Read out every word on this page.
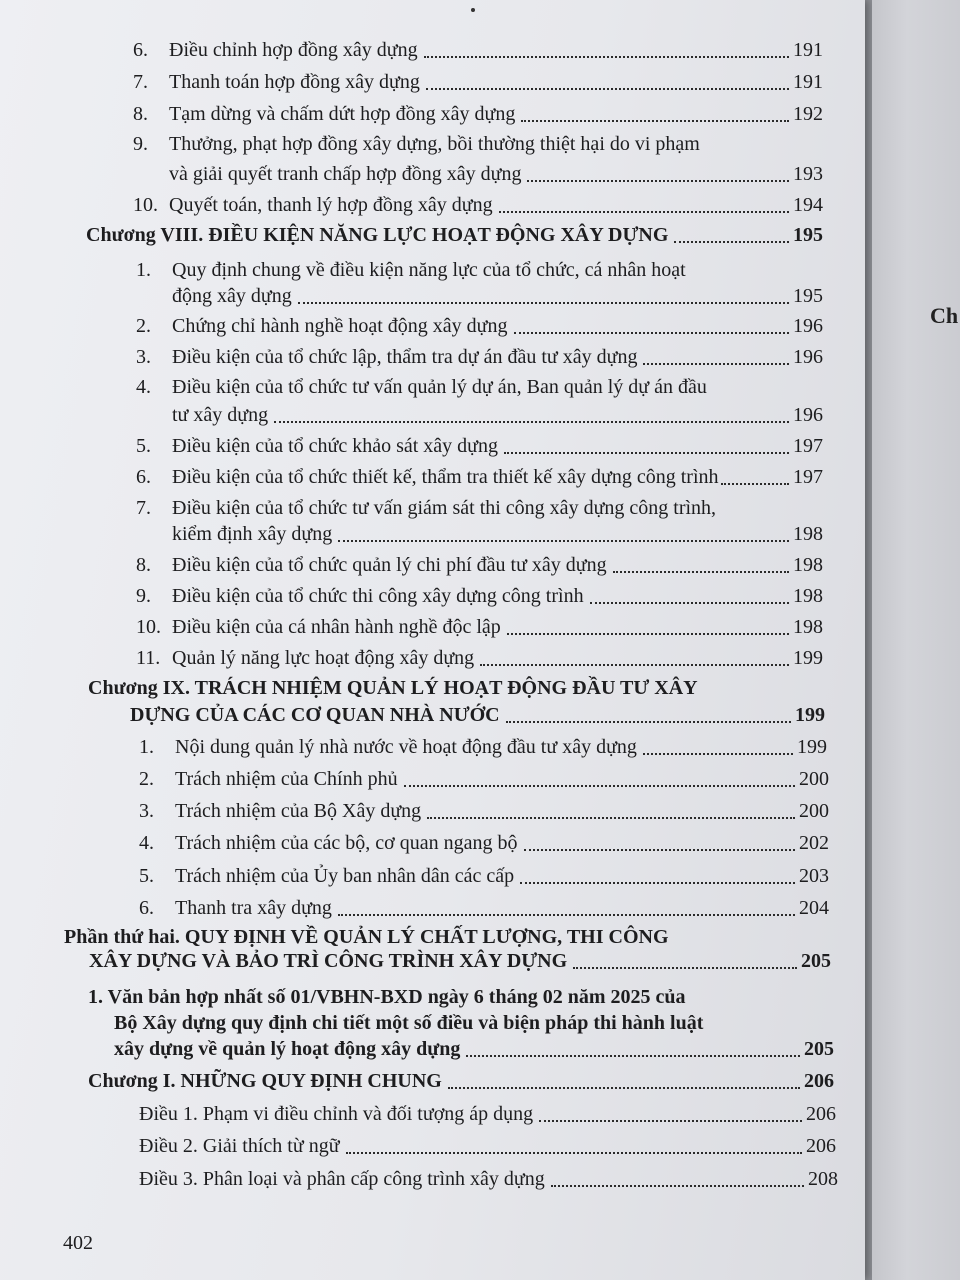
6.	Điều chỉnh hợp đồng xây dựng	191
7.	Thanh toán hợp đồng xây dựng	191
8.	Tạm dừng và chấm dứt hợp đồng xây dựng	192
9. Thưởng, phạt hợp đồng xây dựng, bồi thường thiệt hại do vi phạm
và giải quyết tranh chấp hợp đồng xây dựng	193
10. Quyết toán, thanh lý hợp đồng xây dựng	194
Chương VIII. ĐIỀU KIỆN NĂNG LỰC HOẠT ĐỘNG XÂY DỰNG	195
1. Quy định chung về điều kiện năng lực của tổ chức, cá nhân hoạt
động xây dựng	195
2.	Chứng chỉ hành nghề hoạt động xây dựng	196
3.	Điều kiện của tổ chức lập, thẩm tra dự án đầu tư xây dựng	196
4. Điều kiện của tổ chức tư vấn quản lý dự án, Ban quản lý dự án đầu
tư xây dựng	196
5.	Điều kiện của tổ chức khảo sát xây dựng	197
6.	Điều kiện của tổ chức thiết kế, thẩm tra thiết kế xây dựng công trình	197
7. Điều kiện của tổ chức tư vấn giám sát thi công xây dựng công trình,
kiểm định xây dựng	198
8.	Điều kiện của tổ chức quản lý chi phí đầu tư xây dựng	198
9.	Điều kiện của tổ chức thi công xây dựng công trình	198
10. Điều kiện của cá nhân hành nghề độc lập	198
11. Quản lý năng lực hoạt động xây dựng	199
Chương IX. TRÁCH NHIỆM QUẢN LÝ HOẠT ĐỘNG ĐẦU TƯ XÂY
DỰNG CỦA CÁC CƠ QUAN NHÀ NƯỚC	199
1.	Nội dung quản lý nhà nước về hoạt động đầu tư xây dựng	199
2.	Trách nhiệm của Chính phủ	200
3.	Trách nhiệm của Bộ Xây dựng	200
4.	Trách nhiệm của các bộ, cơ quan ngang bộ	202
5.	Trách nhiệm của Ủy ban nhân dân các cấp	203
6.	Thanh tra xây dựng	204
Phần thứ hai. QUY ĐỊNH VỀ QUẢN LÝ CHẤT LƯỢNG, THI CÔNG
XÂY DỰNG VÀ BẢO TRÌ CÔNG TRÌNH XÂY DỰNG	205
1. Văn bản hợp nhất số 01/VBHN-BXD ngày 6 tháng 02 năm 2025 của
Bộ Xây dựng quy định chi tiết một số điều và biện pháp thi hành luật
xây dựng về quản lý hoạt động xây dựng	205
Chương I. NHỮNG QUY ĐỊNH CHUNG	206
Điều 1. Phạm vi điều chỉnh và đối tượng áp dụng	206
Điều 2. Giải thích từ ngữ	206
Điều 3. Phân loại và phân cấp công trình xây dựng	208
402
Ch
